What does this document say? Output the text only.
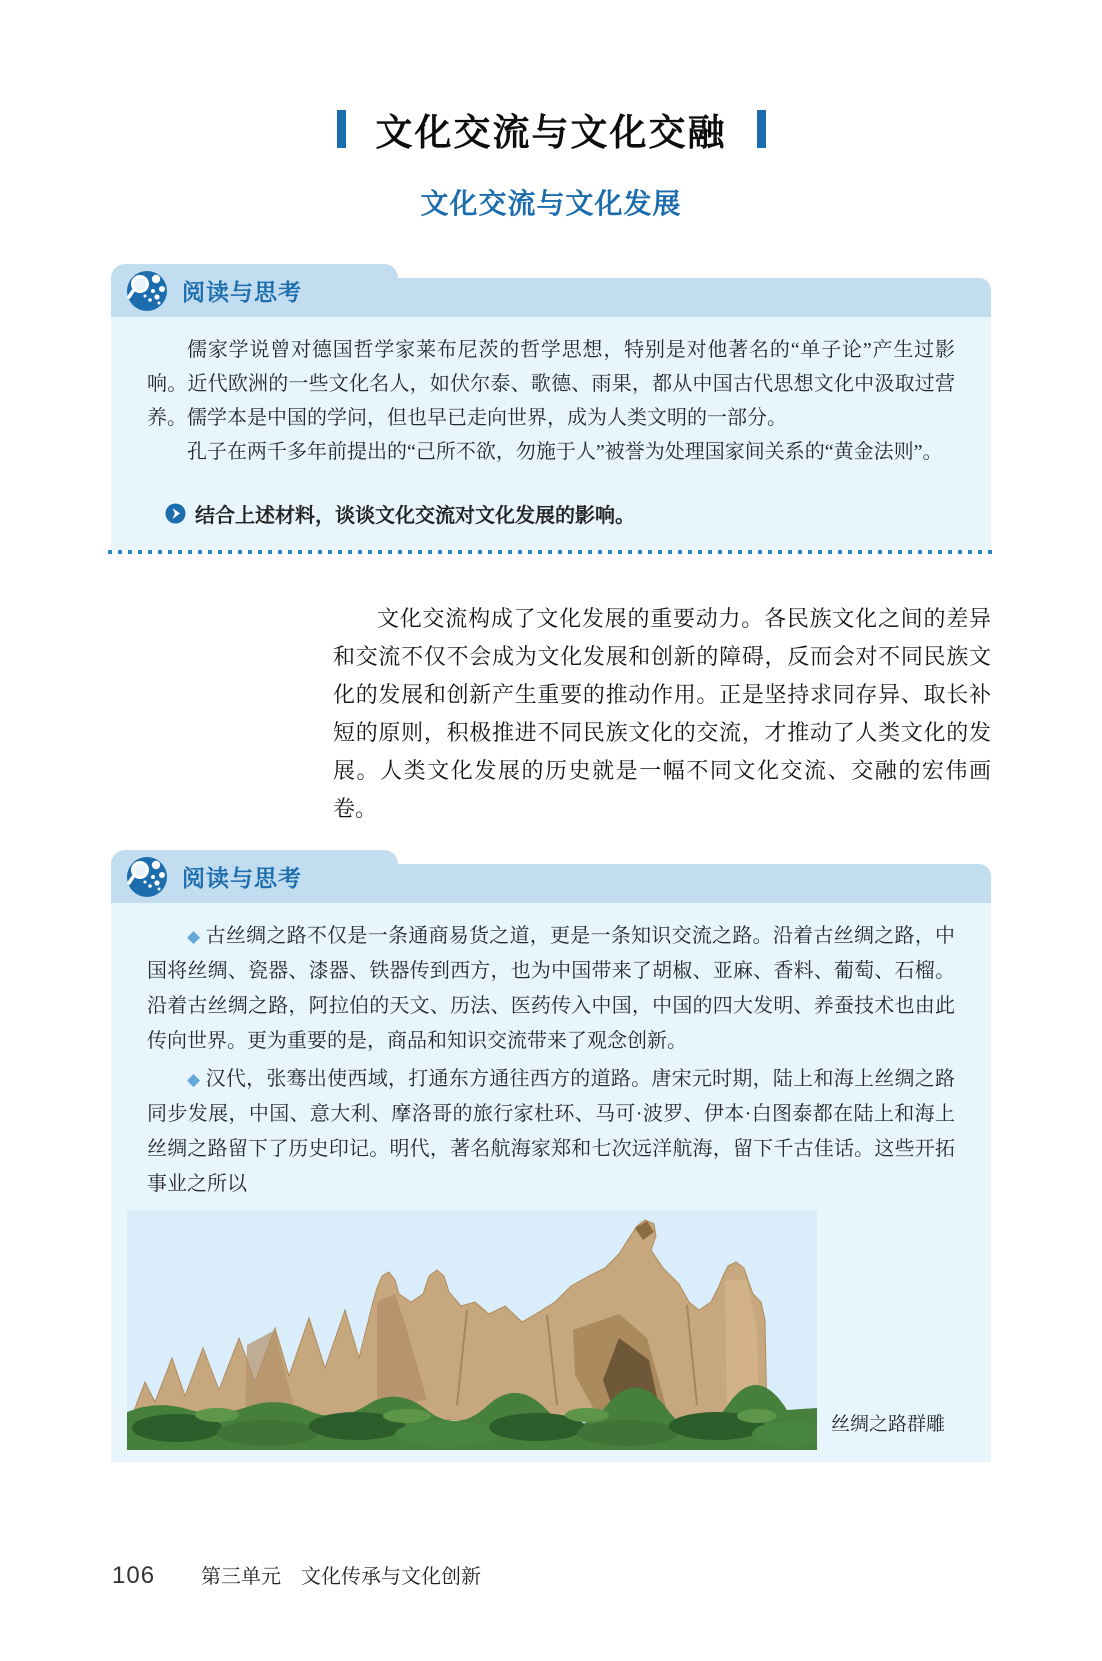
文化交流与文化交融
文化交流与文化发展
阅读与思考

儒家学说曾对德国哲学家莱布尼茨的哲学思想，特别是对他著名的“单子论”产生过影响。近代欧洲的一些文化名人，如伏尔泰、歌德、雨果，都从中国古代思想文化中汲取过营养。儒学本是中国的学问，但也早已走向世界，成为人类文明的一部分。

孔子在两千多年前提出的“己所不欲，勿施于人”被誉为处理国家间关系的“黄金法则”。

结合上述材料，谈谈文化交流对文化发展的影响。

文化交流构成了文化发展的重要动力。各民族文化之间的差异和交流不仅不会成为文化发展和创新的障碍，反而会对不同民族文化的发展和创新产生重要的推动作用。正是坚持求同存异、取长补短的原则，积极推进不同民族文化的交流，才推动了人类文化的发展。人类文化发展的历史就是一幅不同文化交流、交融的宏伟画卷。

阅读与思考

◆ 古丝绸之路不仅是一条通商易货之道，更是一条知识交流之路。沿着古丝绸之路，中国将丝绸、瓷器、漆器、铁器传到西方，也为中国带来了胡椒、亚麻、香料、葡萄、石榴。沿着古丝绸之路，阿拉伯的天文、历法、医药传入中国，中国的四大发明、养蚕技术也由此传向世界。更为重要的是，商品和知识交流带来了观念创新。

◆ 汉代，张骞出使西域，打通东方通往西方的道路。唐宋元时期，陆上和海上丝绸之路同步发展，中国、意大利、摩洛哥的旅行家杜环、马可·波罗、伊本·白图泰都在陆上和海上丝绸之路留下了历史印记。明代，著名航海家郑和七次远洋航海，留下千古佳话。这些开拓事业之所以

丝绸之路群雕
106 第三单元　文化传承与文化创新
